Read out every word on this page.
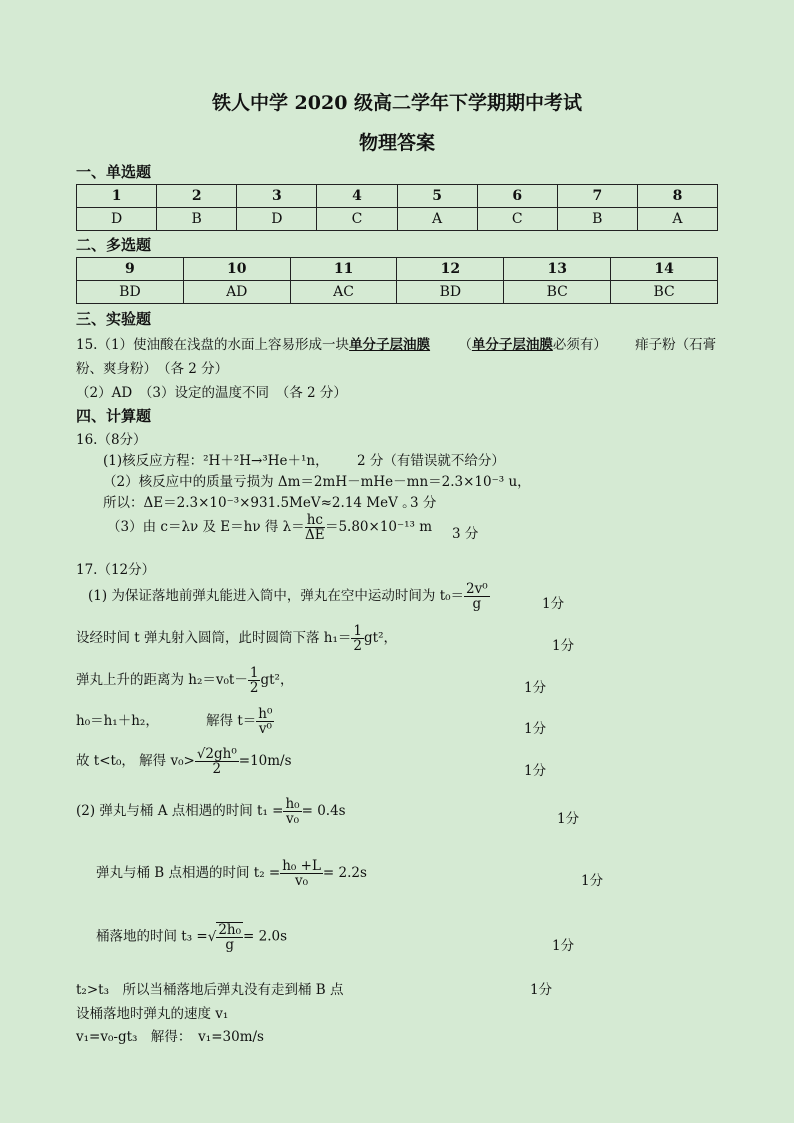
铁人中学 2020 级高二学年下学期期中考试
物理答案
一、单选题
1	2	3	4	5	6	7	8
D	B	D	C	A	C	B	A
二、多选题
9	10	11	12	13	14
BD	AD	AC	BD	BC	BC
三、实验题
15.（1）使油酸在浅盘的水面上容易形成一块单分子层油膜 （单分子层油膜必须有） 痱子粉（石膏
粉、爽身粉）　（各 2 分）
（2）AD　（3）设定的温度不同　（各 2 分）
四、计算题
16.（8分）
(1)核反应方程：²H＋²H→³He＋¹n， 2 分（有错误就不给分）
（2）核反应中的质量亏损为 Δm＝2mH－mHe－mn＝2.3×10⁻³ u，
所以：ΔE＝2.3×10⁻³×931.5MeV≈2.14 MeV 。
3 分
（3）由 c＝λν 及 E＝hν 得 $\lambda= \frac{hc}{\Delta E} =5.80\times 10^{-13}$ m 3 分
17.（12分）
(1) 为保证落地前弹丸能进入筒中，弹丸在空中运动时间为 $t_0= \frac{\text{2v⁰}}{g}$	1分
设经时间 t 弹丸射入圆筒，此时圆筒下落 $h_1= \frac{1}{2} gt^2$，	1分
弹丸上升的距离为 $h_2=v_0t- \frac{1}{2} gt^2$，	1分
h₀＝h₁＋h₂，　　　　解得 $t= \frac{\text{h⁰}}{\text{v⁰}}$	1分
故 t<t₀， 解得 $v_0> \frac{\text{√2gh⁰}}{2} =10m/s$
1分
(2) 弹丸与桶 A 点相遇的时间 $t_1 = \frac{\text{h₀}}{\text{v₀}} = 0.4s$	1分
弹丸与桶 B 点相遇的时间 $t_2 = \frac{\text{h₀ +L}}{\text{v₀}} = 2.2s$	1分
桶落地的时间 t₃ =√ $\frac{\text{2h₀}}{g} = 2.0s$
1分
t₂>t₃　所以当桶落地后弹丸没有走到桶 B 点	1分
设桶落地时弹丸的速度 v₁
v₁=v₀-gt₃　解得：　v₁=30m/s
